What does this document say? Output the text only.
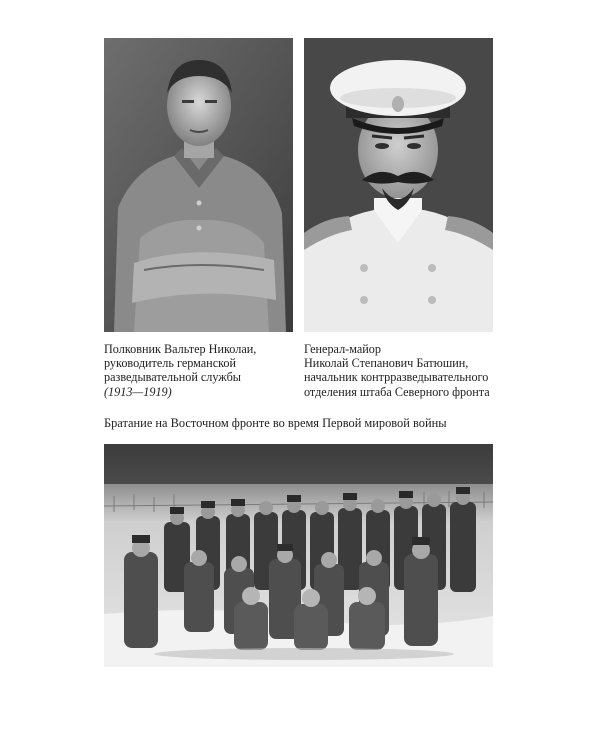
Полковник Вальтер Николаи,
руководитель германской
разведывательной службы
(1913—1919)
Генерал-майор
Николай Степанович Батюшин,
начальник контрразведывательного
отделения штаба Северного фронта
Братание на Восточном фронте во время Первой мировой войны
